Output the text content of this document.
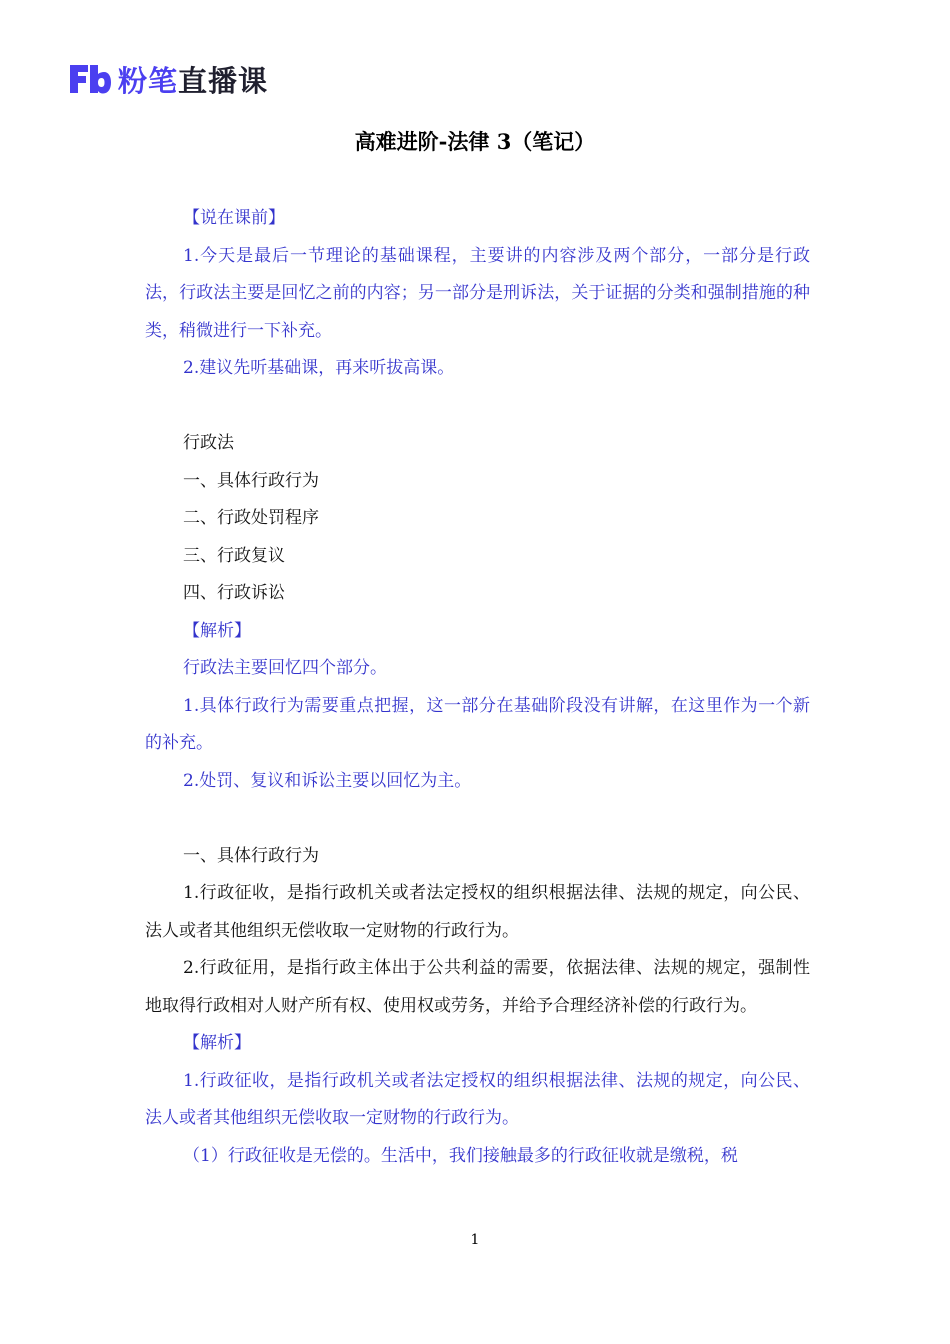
粉笔直播课
高难进阶-法律 3（笔记）

【说在课前】

1.今天是最后一节理论的基础课程，主要讲的内容涉及两个部分，一部分是行政法，行政法主要是回忆之前的内容；另一部分是刑诉法，关于证据的分类和强制措施的种类，稍微进行一下补充。

2.建议先听基础课，再来听拔高课。

行政法

一、具体行政行为

二、行政处罚程序

三、行政复议

四、行政诉讼

【解析】

行政法主要回忆四个部分。

1.具体行政行为需要重点把握，这一部分在基础阶段没有讲解，在这里作为一个新的补充。

2.处罚、复议和诉讼主要以回忆为主。

一、具体行政行为

1.行政征收，是指行政机关或者法定授权的组织根据法律、法规的规定，向公民、法人或者其他组织无偿收取一定财物的行政行为。

2.行政征用，是指行政主体出于公共利益的需要，依据法律、法规的规定，强制性地取得行政相对人财产所有权、使用权或劳务，并给予合理经济补偿的行政行为。

【解析】

1.行政征收，是指行政机关或者法定授权的组织根据法律、法规的规定，向公民、法人或者其他组织无偿收取一定财物的行政行为。

（1）行政征收是无偿的。生活中，我们接触最多的行政征收就是缴税，税

1
